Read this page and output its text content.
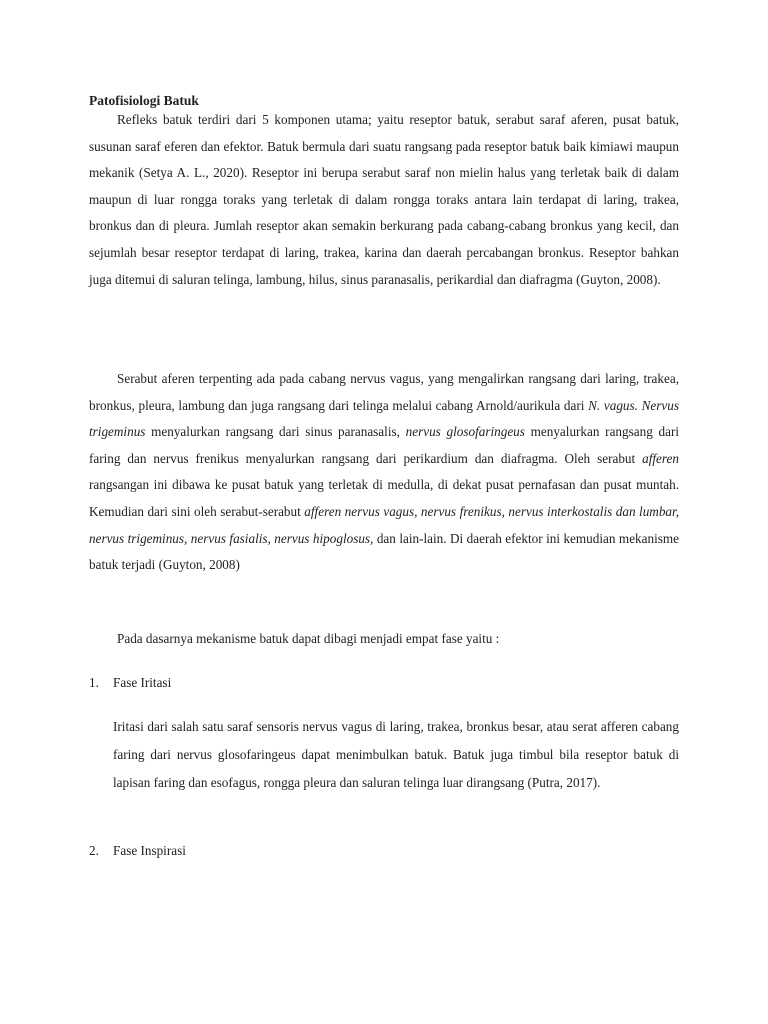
Patofisiologi Batuk

Refleks batuk terdiri dari 5 komponen utama; yaitu reseptor batuk, serabut saraf aferen, pusat batuk, susunan saraf eferen dan efektor. Batuk bermula dari suatu rangsang pada reseptor batuk baik kimiawi maupun mekanik (Setya A. L., 2020). Reseptor ini berupa serabut saraf non mielin halus yang terletak baik di dalam maupun di luar rongga toraks yang terletak di dalam rongga toraks antara lain terdapat di laring, trakea, bronkus dan di pleura. Jumlah reseptor akan semakin berkurang pada cabang-cabang bronkus yang kecil, dan sejumlah besar reseptor terdapat di laring, trakea, karina dan daerah percabangan bronkus. Reseptor bahkan juga ditemui di saluran telinga, lambung, hilus, sinus paranasalis, perikardial dan diafragma (Guyton, 2008).

Serabut aferen terpenting ada pada cabang nervus vagus, yang mengalirkan rangsang dari laring, trakea, bronkus, pleura, lambung dan juga rangsang dari telinga melalui cabang Arnold/aurikula dari N. vagus. Nervus trigeminus menyalurkan rangsang dari sinus paranasalis, nervus glosofaringeus menyalurkan rangsang dari faring dan nervus frenikus menyalurkan rangsang dari perikardium dan diafragma. Oleh serabut afferen rangsangan ini dibawa ke pusat batuk yang terletak di medulla, di dekat pusat pernafasan dan pusat muntah. Kemudian dari sini oleh serabut-serabut afferen nervus vagus, nervus frenikus, nervus interkostalis dan lumbar, nervus trigeminus, nervus fasialis, nervus hipoglosus, dan lain-lain. Di daerah efektor ini kemudian mekanisme batuk terjadi (Guyton, 2008)

Pada dasarnya mekanisme batuk dapat dibagi menjadi empat fase yaitu :

1. Fase Iritasi

Iritasi dari salah satu saraf sensoris nervus vagus di laring, trakea, bronkus besar, atau serat afferen cabang faring dari nervus glosofaringeus dapat menimbulkan batuk. Batuk juga timbul bila reseptor batuk di lapisan faring dan esofagus, rongga pleura dan saluran telinga luar dirangsang (Putra, 2017).

2. Fase Inspirasi
